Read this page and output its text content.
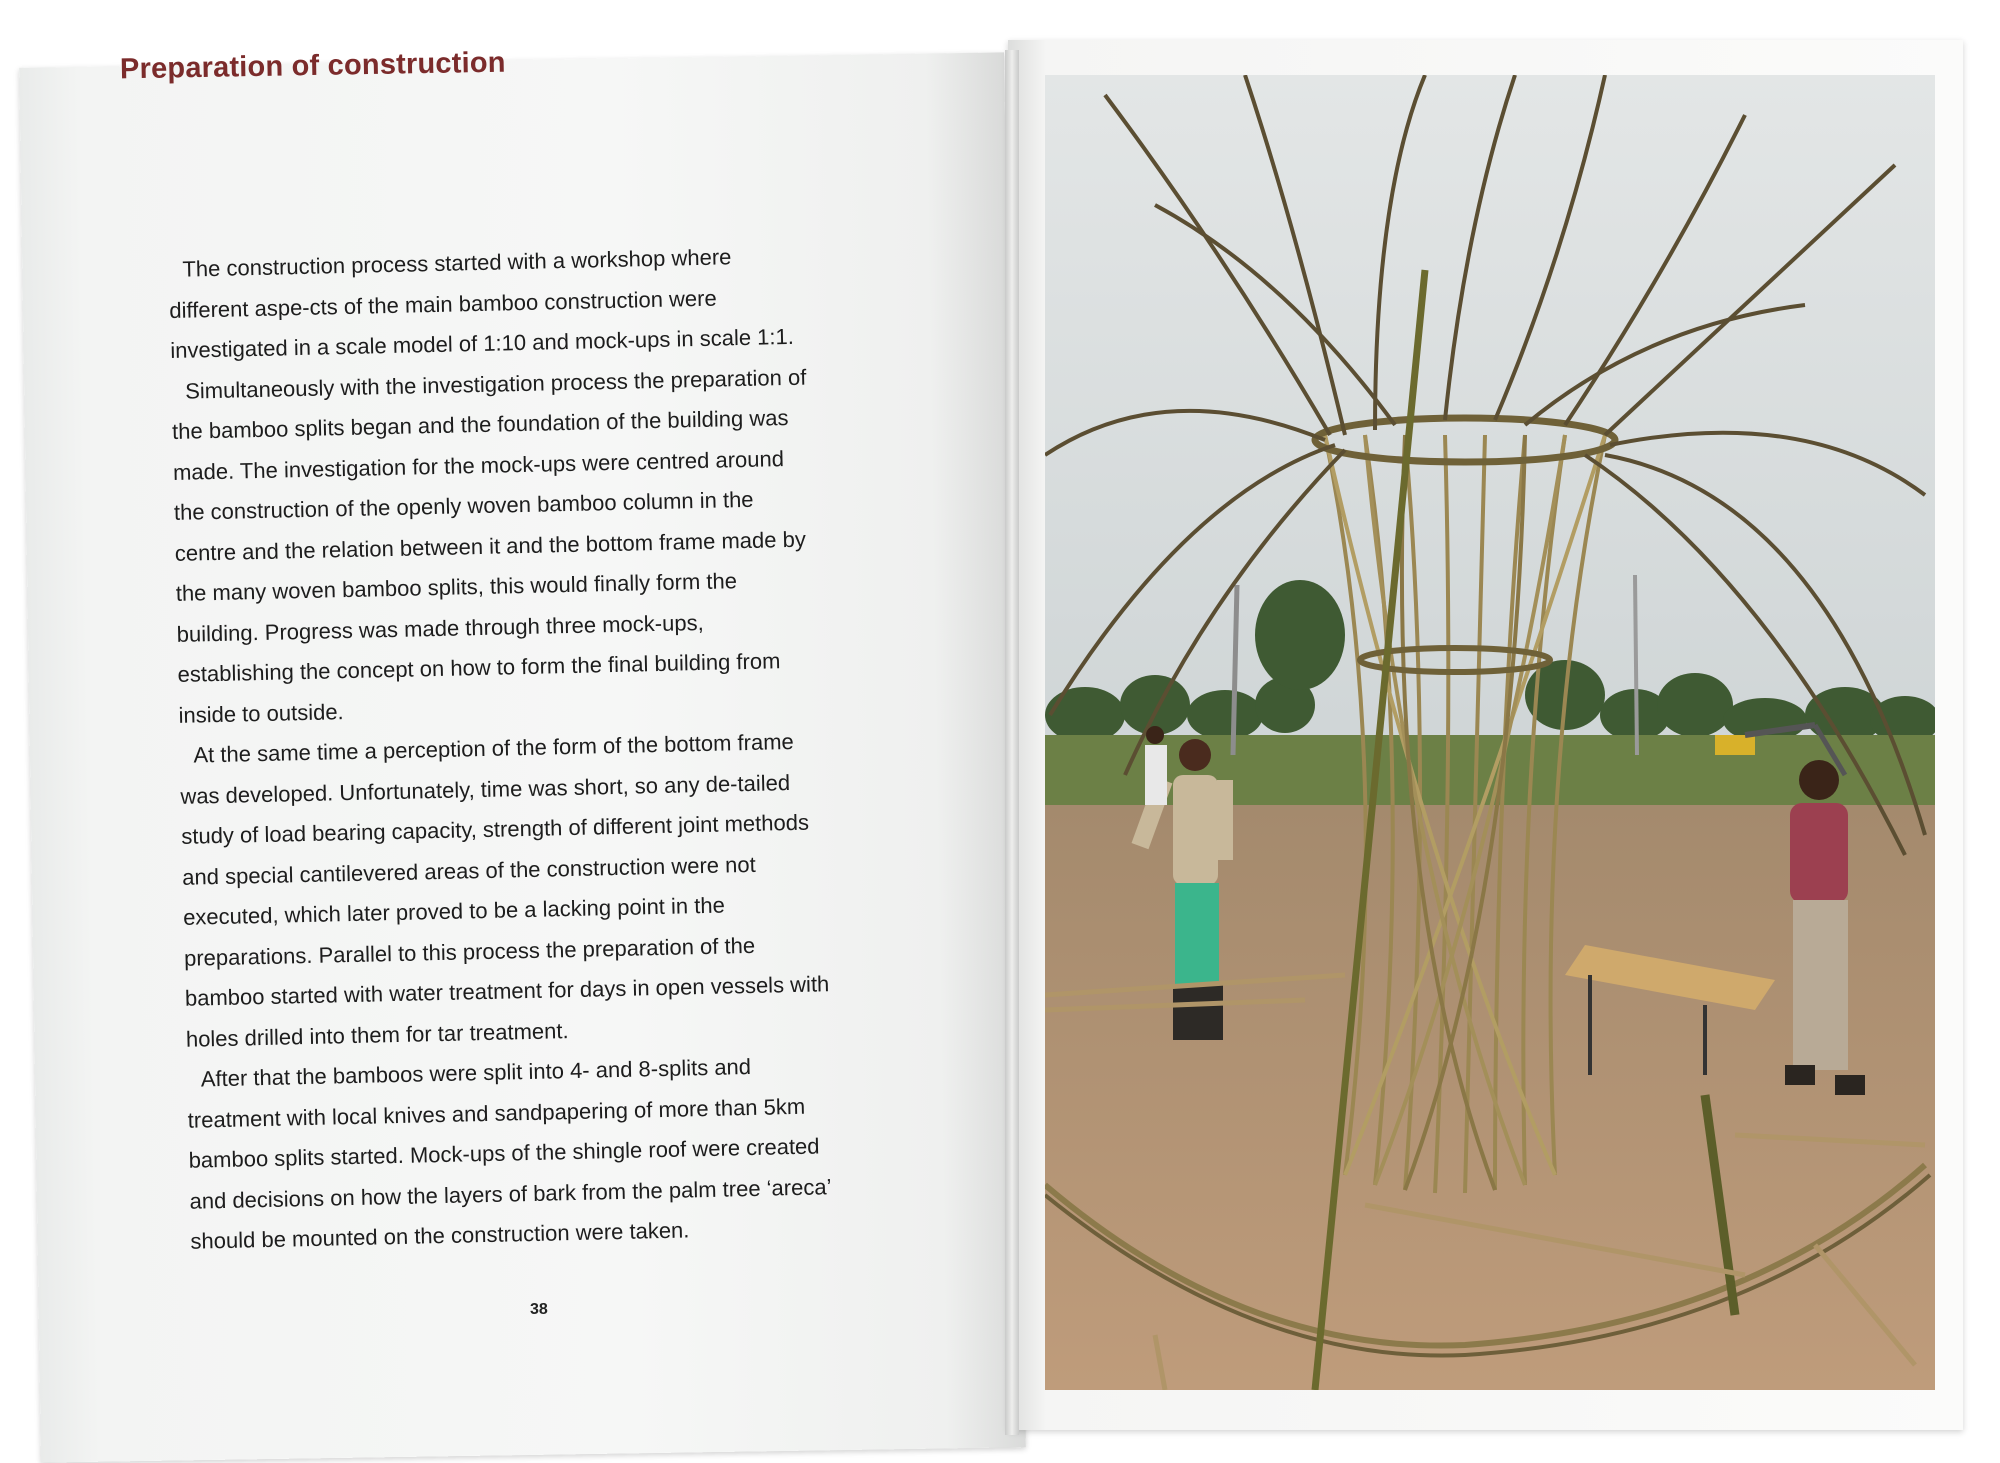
Preparation of construction

The construction process started with a workshop where different aspe-cts of the main bamboo construction were investigated in a scale model of 1:10 and mock-ups in scale 1:1.

Simultaneously with the investigation process the preparation of the bamboo splits began and the foundation of the building was made. The investigation for the mock-ups were centred around the construction of the openly woven bamboo column in the centre and the relation between it and the bottom frame made by the many woven bamboo splits, this would finally form the building. Progress was made through three mock-ups, establishing the concept on how to form the final building from inside to outside.

At the same time a perception of the form of the bottom frame was developed. Unfortunately, time was short, so any de-tailed study of load bearing capacity, strength of different joint methods and special cantilevered areas of the construction were not executed, which later proved to be a lacking point in the preparations. Parallel to this process the preparation of the bamboo started with water treatment for days in open vessels with holes drilled into them for tar treatment.

After that the bamboos were split into 4- and 8-splits and treatment with local knives and sandpapering of more than 5km bamboo splits started. Mock-ups of the shingle roof were created and decisions on how the layers of bark from the palm tree ‘areca’ should be mounted on the construction were taken.

38
